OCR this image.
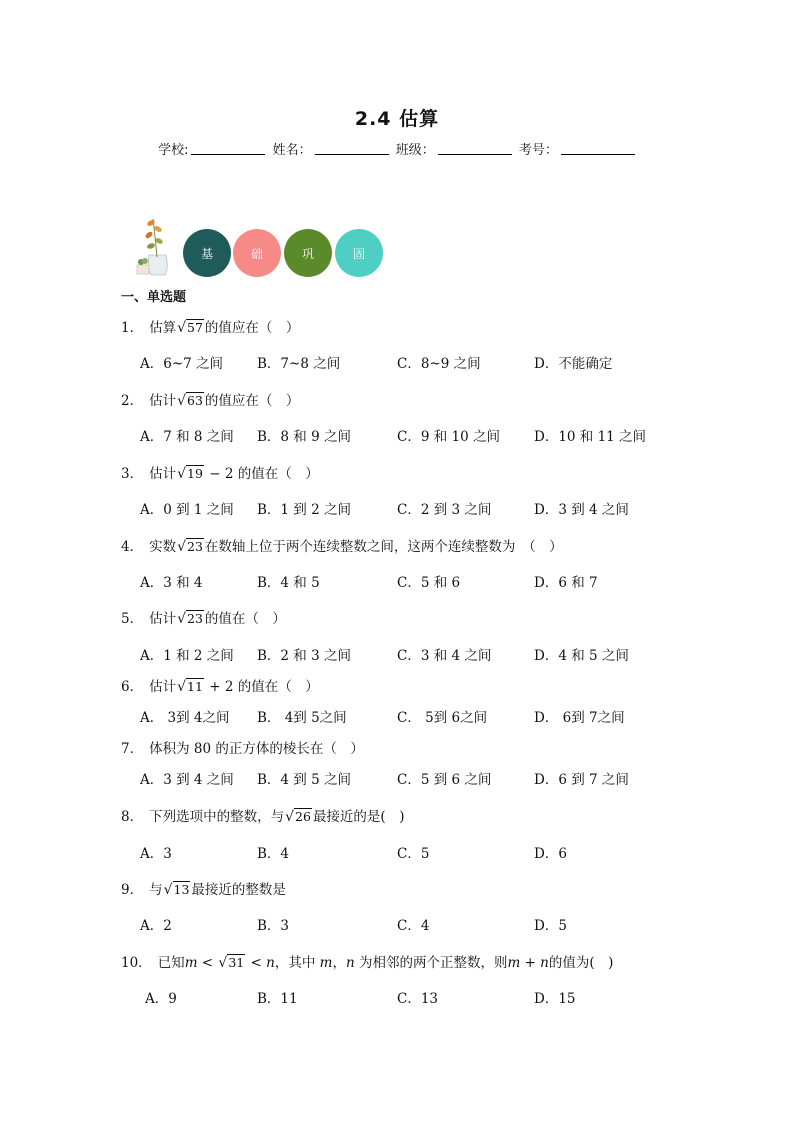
2.4 估算
学校:	姓名：	班级：	考号：
基	础	巩	固
一、单选题
1． 估算√57 的值应在（　）
A．6~7 之间	B．7~8 之间	C．8~9 之间	D．不能确定
2． 估计√63 的值应在（　）
A．7 和 8 之间 B．8 和 9 之间	C．9 和 10 之间	D．10 和 11 之间
3． 估计√19 − 2 的值在（　）
A．0 到 1 之间 B．1 到 2 之间	C．2 到 3 之间	D．3 到 4 之间
4． 实数√23 在数轴上位于两个连续整数之间，这两个连续整数为　（　）
A．3 和 4	B．4 和 5	C．5 和 6	D．6 和 7
5． 估计√23 的值在（　）
A．1 和 2 之间 B．2 和 3 之间	C．3 和 4 之间	D．4 和 5 之间
6． 估计√11 + 2 的值在（　）
A． 3到 4之间 B． 4到 5之间	C． 5到 6之间	D． 6到 7之间
7． 体积为 80 的正方体的棱长在（　）
A．3 到 4 之间 B．4 到 5 之间	C．5 到 6 之间	D．6 到 7 之间
8． 下列选项中的整数，与√26 最接近的是(　)
A．3	B．4	C．5	D．6
9． 与√13 最接近的整数是
A．2	B．3	C．4	D．5
10． 已知m < √31 < n，其中 m，n 为相邻的两个正整数，则m + n的值为(　)
A．9	B．11	C．13	D．15
